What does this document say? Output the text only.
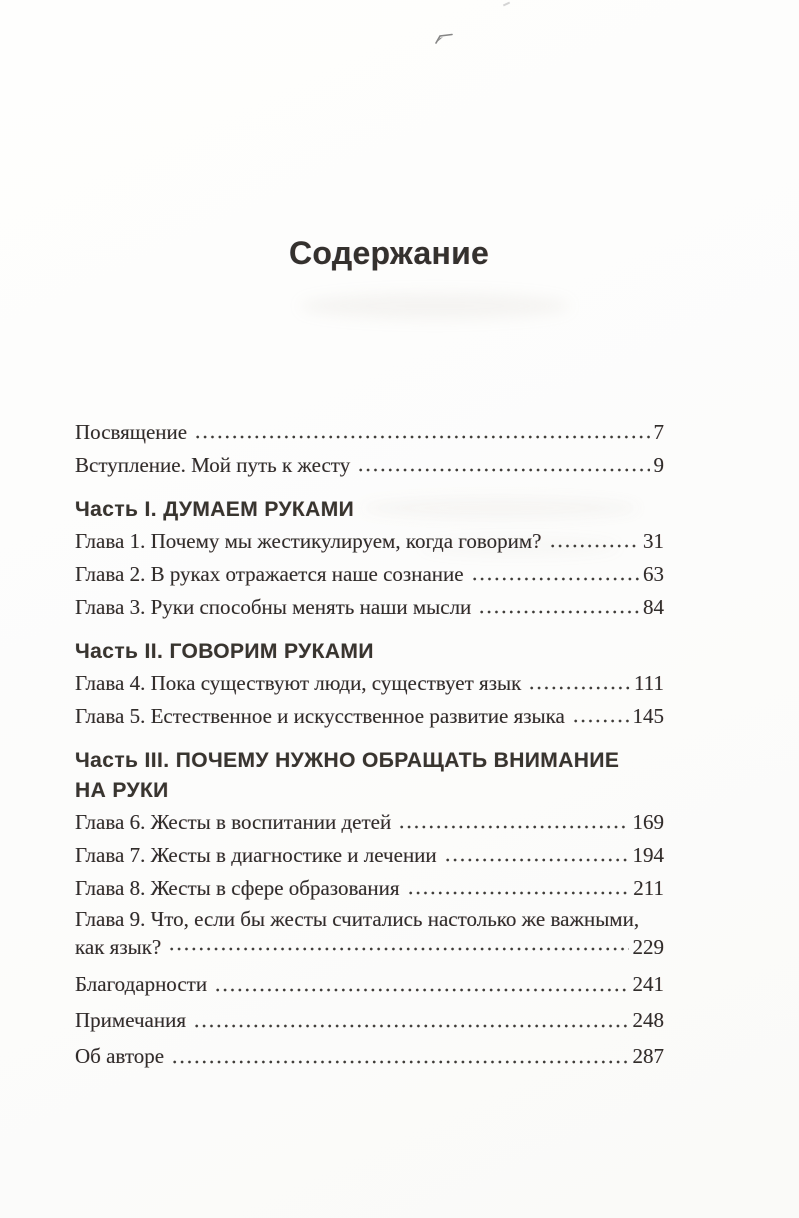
Содержание
Посвящение	7
Вступление. Мой путь к жесту	9
Часть I. ДУМАЕМ РУКАМИ
Глава 1. Почему мы жестикулируем, когда говорим?	31
Глава 2. В руках отражается наше сознание	63
Глава 3. Руки способны менять наши мысли	84
Часть II. ГОВОРИМ РУКАМИ
Глава 4. Пока существуют люди, существует язык	111
Глава 5. Естественное и искусственное развитие языка	145
Часть III. ПОЧЕМУ НУЖНО ОБРАЩАТЬ ВНИМАНИЕ
НА РУКИ
Глава 6. Жесты в воспитании детей	169
Глава 7. Жесты в диагностике и лечении	194
Глава 8. Жесты в сфере образования	211
Глава 9. Что, если бы жесты считались настолько же важными,
как язык?	229
Благодарности	241
Примечания	248
Об авторе	287
